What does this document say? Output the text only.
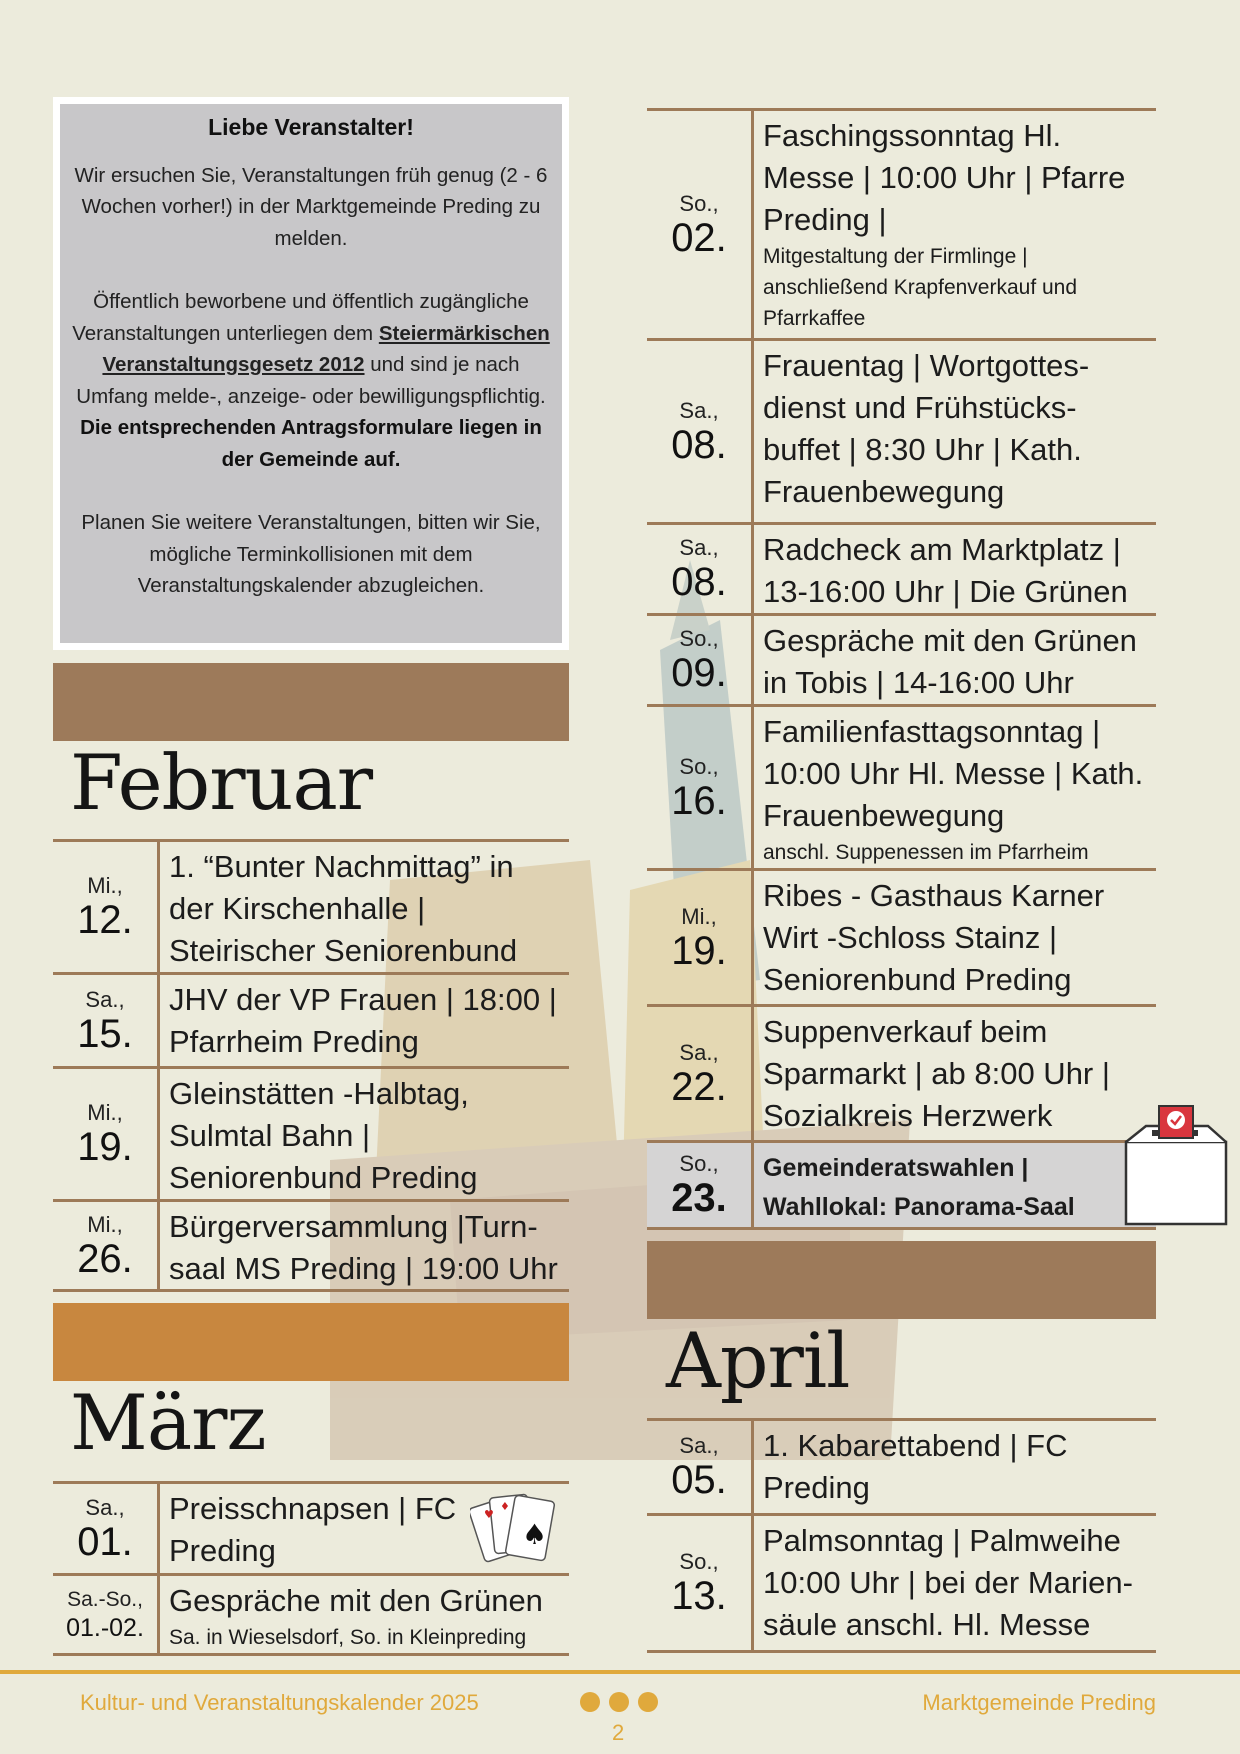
Liebe Veranstalter!

Wir ersuchen Sie, Veranstaltungen früh genug (2 - 6 Wochen vorher!) in der Marktgemeinde Preding zu melden.

Öffentlich beworbene und öffentlich zugängliche Veranstaltungen unterliegen dem Steiermärkischen Veranstaltungsgesetz 2012 und sind je nach Umfang melde-, anzeige- oder bewilligungspflichtig.
Die entsprechenden Antragsformulare liegen in der Gemeinde auf.

Planen Sie weitere Veranstaltungen, bitten wir Sie, mögliche Terminkollisionen mit dem Veranstaltungskalender abzugleichen.

Februar
Mi.,
12.
1. “Bunter Nachmittag” in der Kirschenhalle | Steirischer Seniorenbund
Sa.,
15.
JHV der VP Frauen | 18:00 | Pfarrheim Preding
Mi.,
19.
Gleinstätten -Halbtag, Sulmtal Bahn | Seniorenbund Preding
Mi.,
26.
Bürgerversammlung |Turn-saal MS Preding | 19:00 Uhr
März
Sa.,
01.
Preisschnapsen | FC Preding
Sa.-So.,
01.-02.
Gespräche mit den Grünen
Sa. in Wieselsdorf, So. in Kleinpreding
♥
♦
♠
So.,
02.
Faschingssonntag Hl. Messe | 10:00 Uhr | Pfarre Preding |
Mitgestaltung der Firmlinge | anschließend Krapfenverkauf und Pfarrkaffee
Sa.,
08.
Frauentag | Wortgottes-dienst und Frühstücks-buffet | 8:30 Uhr | Kath. Frauenbewegung
Sa.,
08.
Radcheck am Marktplatz | 13-16:00 Uhr | Die Grünen
So.,
09.
Gespräche mit den Grünen in Tobis | 14-16:00 Uhr
So.,
16.
Familienfasttagsonntag | 10:00 Uhr Hl. Messe | Kath. Frauenbewegung
anschl. Suppenessen im Pfarrheim
Mi.,
19.
Ribes - Gasthaus Karner Wirt -Schloss Stainz | Seniorenbund Preding
Sa.,
22.
Suppenverkauf beim Sparmarkt | ab 8:00 Uhr | Sozialkreis Herzwerk
So.,
23.
Gemeinderatswahlen | Wahllokal: Panorama-Saal
April
Sa.,
05.
1. Kabarettabend | FC Preding
So.,
13.
Palmsonntag | Palmweihe 10:00 Uhr | bei der Marien-säule anschl. Hl. Messe
Kultur- und Veranstaltungskalender 2025
2
Marktgemeinde Preding
